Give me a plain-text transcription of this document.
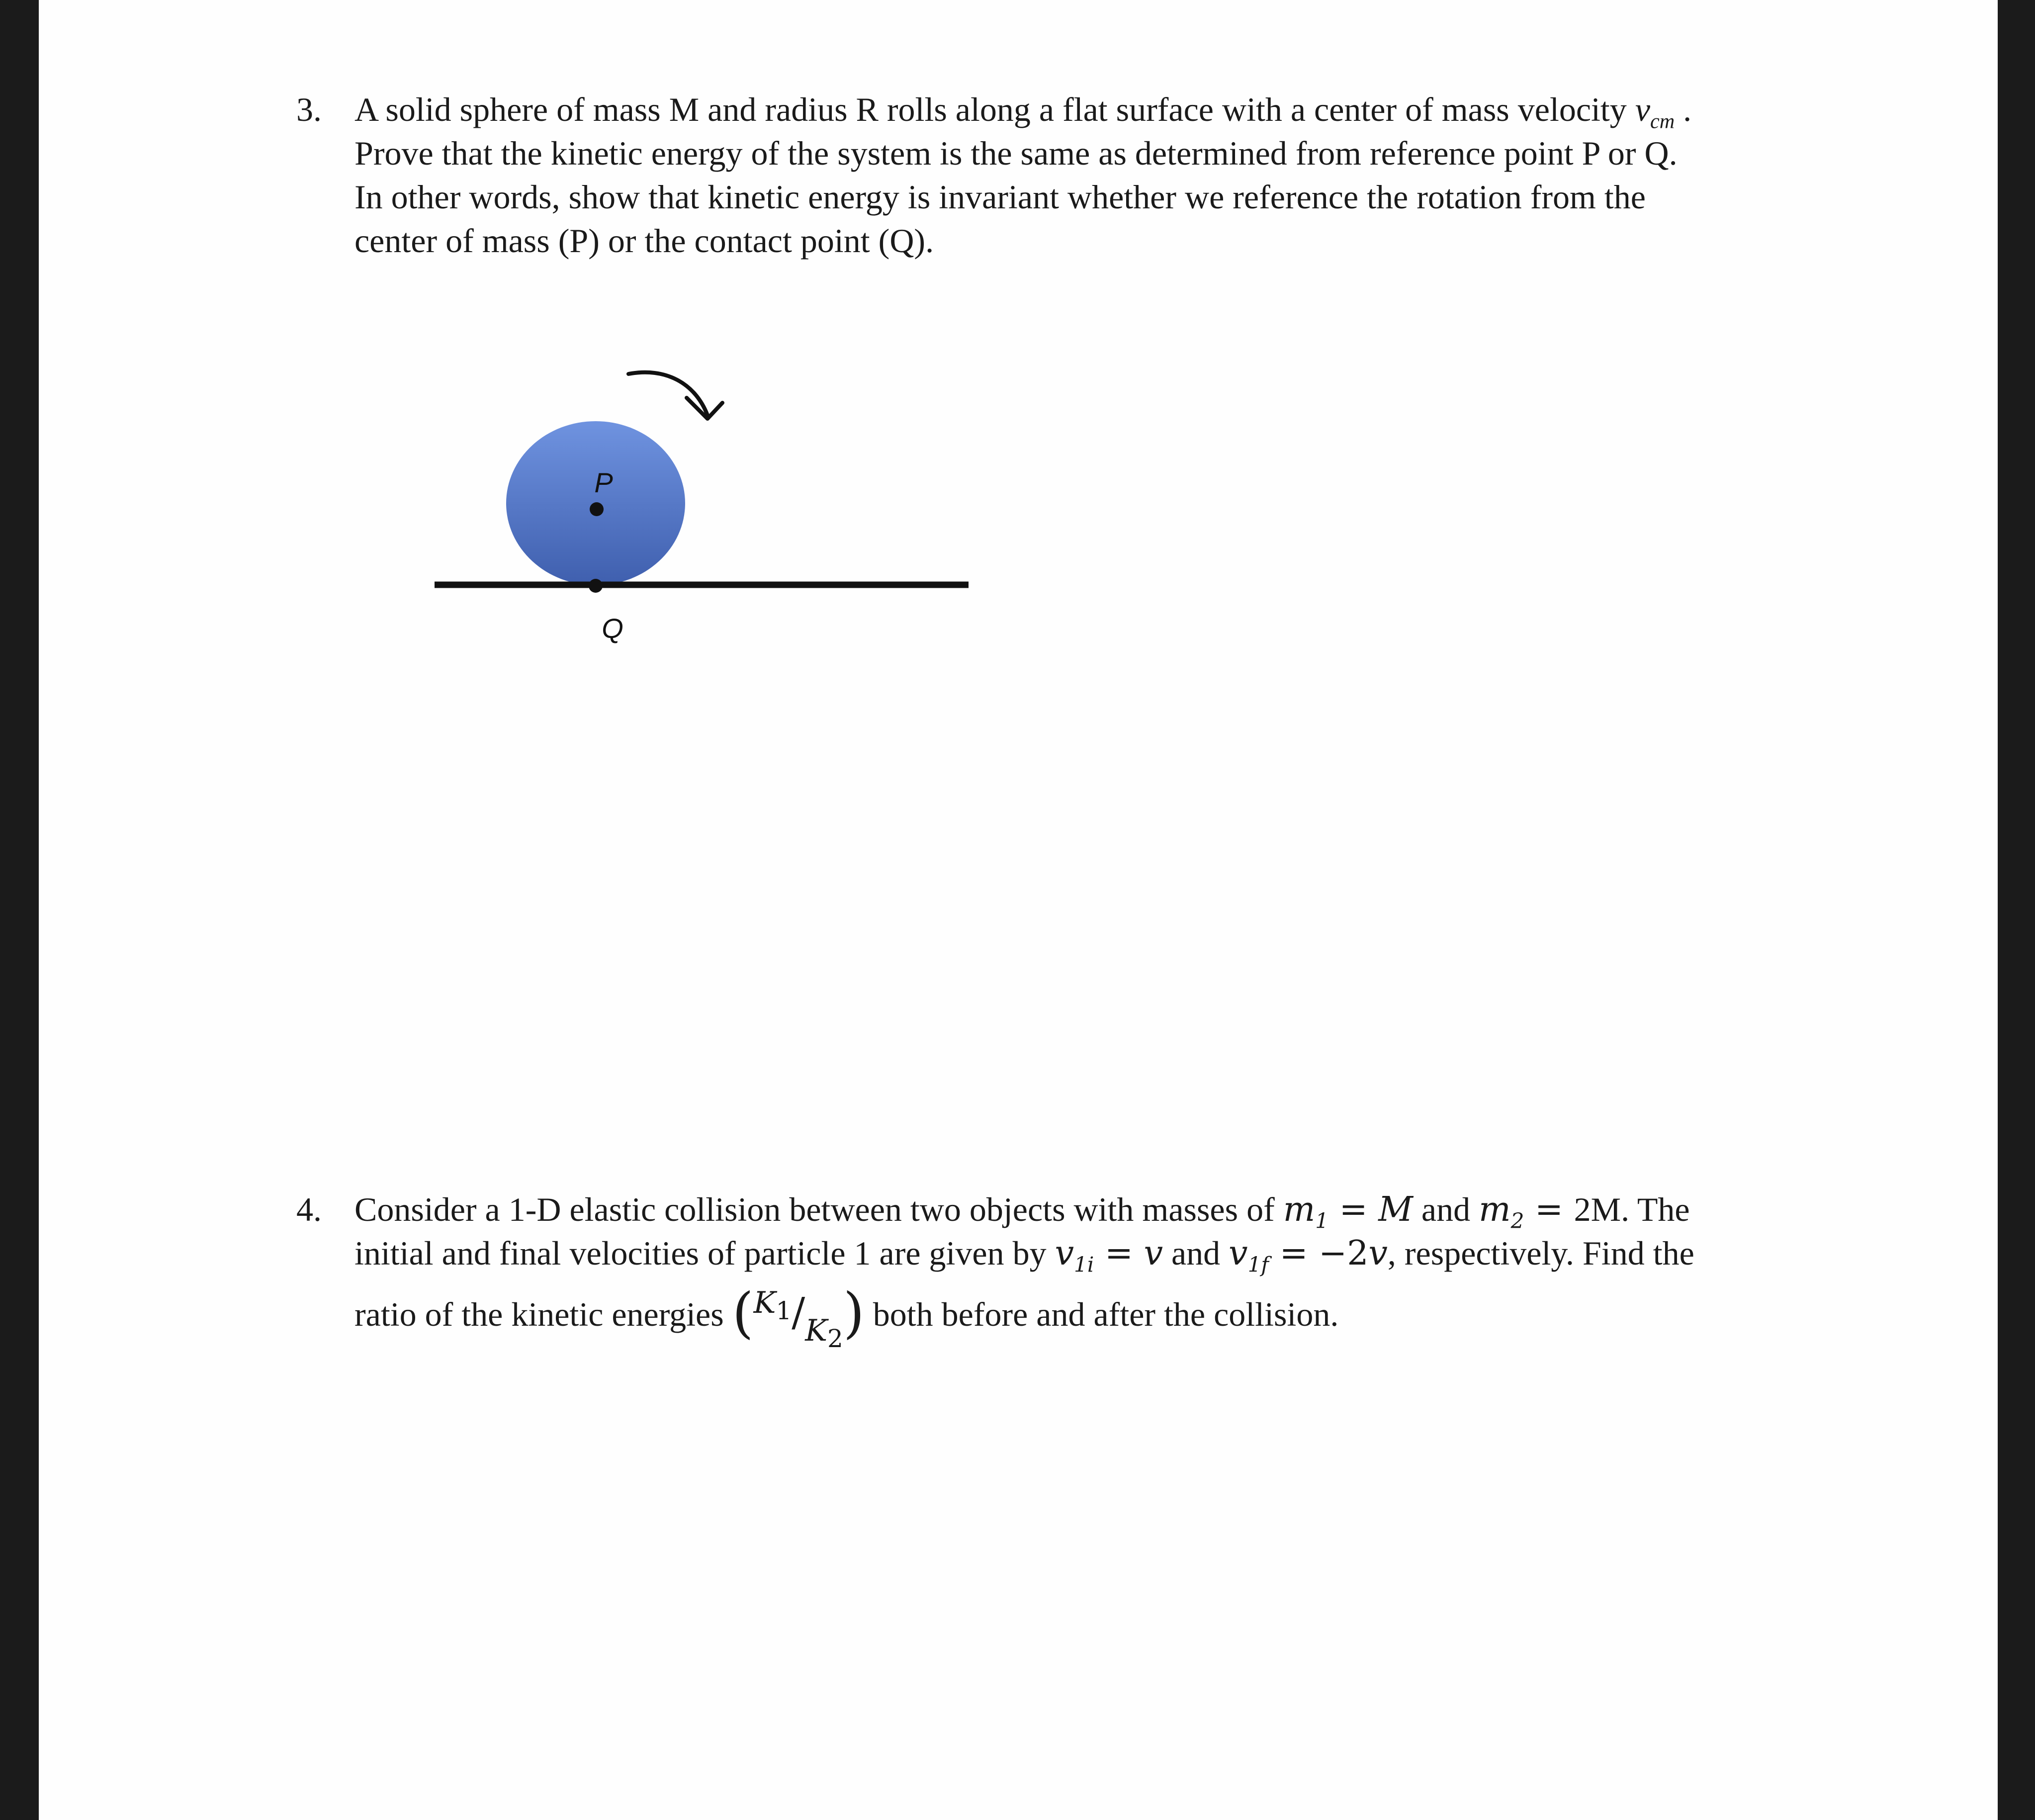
3. A solid sphere of mass M and radius R rolls along a flat surface with a center of mass velocity $v_{cm}$ .
Prove that the kinetic energy of the system is the same as determined from reference point P or Q.
In other words, show that kinetic energy is invariant whether we reference the rotation from the
center of mass (P) or the contact point (Q).
P
Q
4. Consider a 1-D elastic collision between two objects with masses of $m_1 = M$ and $m_2 = 2M$. The
initial and final velocities of particle 1 are given by $v_{1i} = v$ and $v_{1f} = -2v$, respectively. Find the
ratio of the kinetic energies $(K_1/K_2)$ both before and after the collision.
